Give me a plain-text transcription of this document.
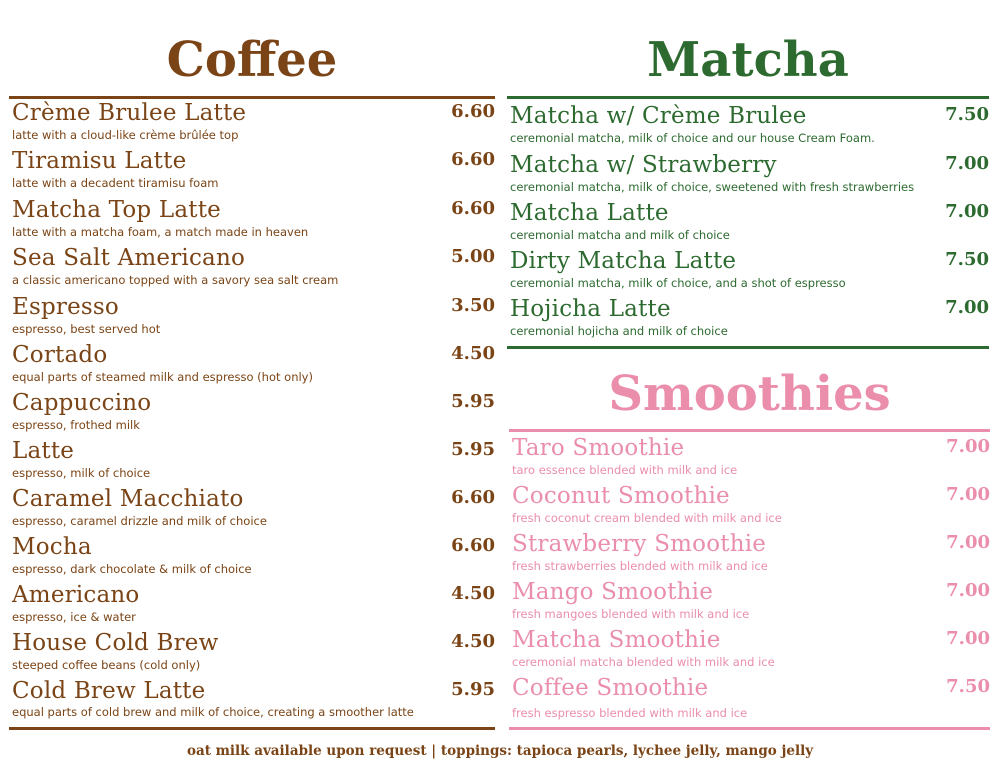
Coffee
Crème Brulee Latte
latte with a cloud-like crème brûlée top
6.60
Tiramisu Latte
latte with a decadent tiramisu foam
6.60
Matcha Top Latte
latte with a matcha foam, a match made in heaven
6.60
Sea Salt Americano
a classic americano topped with a savory sea salt cream
5.00
Espresso
espresso, best served hot
3.50
Cortado
equal parts of steamed milk and espresso (hot only)
4.50
Cappuccino
espresso, frothed milk
5.95
Latte
espresso, milk of choice
5.95
Caramel Macchiato
espresso, caramel drizzle and milk of choice
6.60
Mocha
espresso, dark chocolate & milk of choice
6.60
Americano
espresso, ice & water
4.50
House Cold Brew
steeped coffee beans (cold only)
4.50
Cold Brew Latte
equal parts of cold brew and milk of choice, creating a smoother latte
5.95
Matcha
Matcha w/ Crème Brulee
ceremonial matcha, milk of choice and our house Cream Foam.
7.50
Matcha w/ Strawberry
ceremonial matcha, milk of choice, sweetened with fresh strawberries
7.00
Matcha Latte
ceremonial matcha and milk of choice
7.00
Dirty Matcha Latte
ceremonial matcha, milk of choice, and a shot of espresso
7.50
Hojicha Latte
ceremonial hojicha and milk of choice
7.00
Smoothies
Taro Smoothie
taro essence blended with milk and ice
7.00
Coconut Smoothie
fresh coconut cream blended with milk and ice
7.00
Strawberry Smoothie
fresh strawberries blended with milk and ice
7.00
Mango Smoothie
fresh mangoes blended with milk and ice
7.00
Matcha Smoothie
ceremonial matcha blended with milk and ice
7.00
Coffee Smoothie
fresh espresso blended with milk and ice
7.50
oat milk available upon request | toppings: tapioca pearls, lychee jelly, mango jelly
